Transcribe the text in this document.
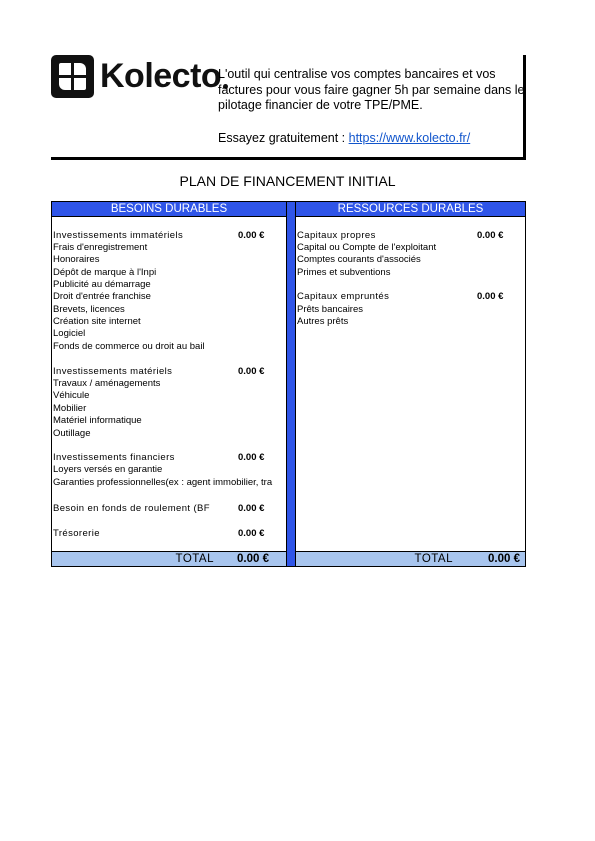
Kolecto
L'outil qui centralise vos comptes bancaires et vos factures pour vous faire gagner 5h par semaine dans le pilotage financier de votre TPE/PME.
Essayez gratuitement : https://www.kolecto.fr/
PLAN DE FINANCEMENT INITIAL
BESOINS DURABLES
Investissements immatériels	0.00 €
Frais d'enregistrement
Honoraires
Dépôt de marque à l'Inpi
Publicité au démarrage
Droit d'entrée franchise
Brevets, licences
Création site internet
Logiciel
Fonds de commerce ou droit au bail
Investissements matériels	0.00 €
Travaux / aménagements
Véhicule
Mobilier
Matériel informatique
Outillage
Investissements financiers	0.00 €
Loyers versés en garantie
Garanties professionnelles(ex : agent immobilier, tra
Besoin en fonds de roulement (BF	0.00 €
Trésorerie	0.00 €
TOTAL 0.00 €
RESSOURCES DURABLES
Capitaux propres	0.00 €
Capital ou Compte de l'exploitant
Comptes courants d'associés
Primes et subventions
Capitaux empruntés	0.00 €
Prêts bancaires
Autres prêts
TOTAL	0.00 €
